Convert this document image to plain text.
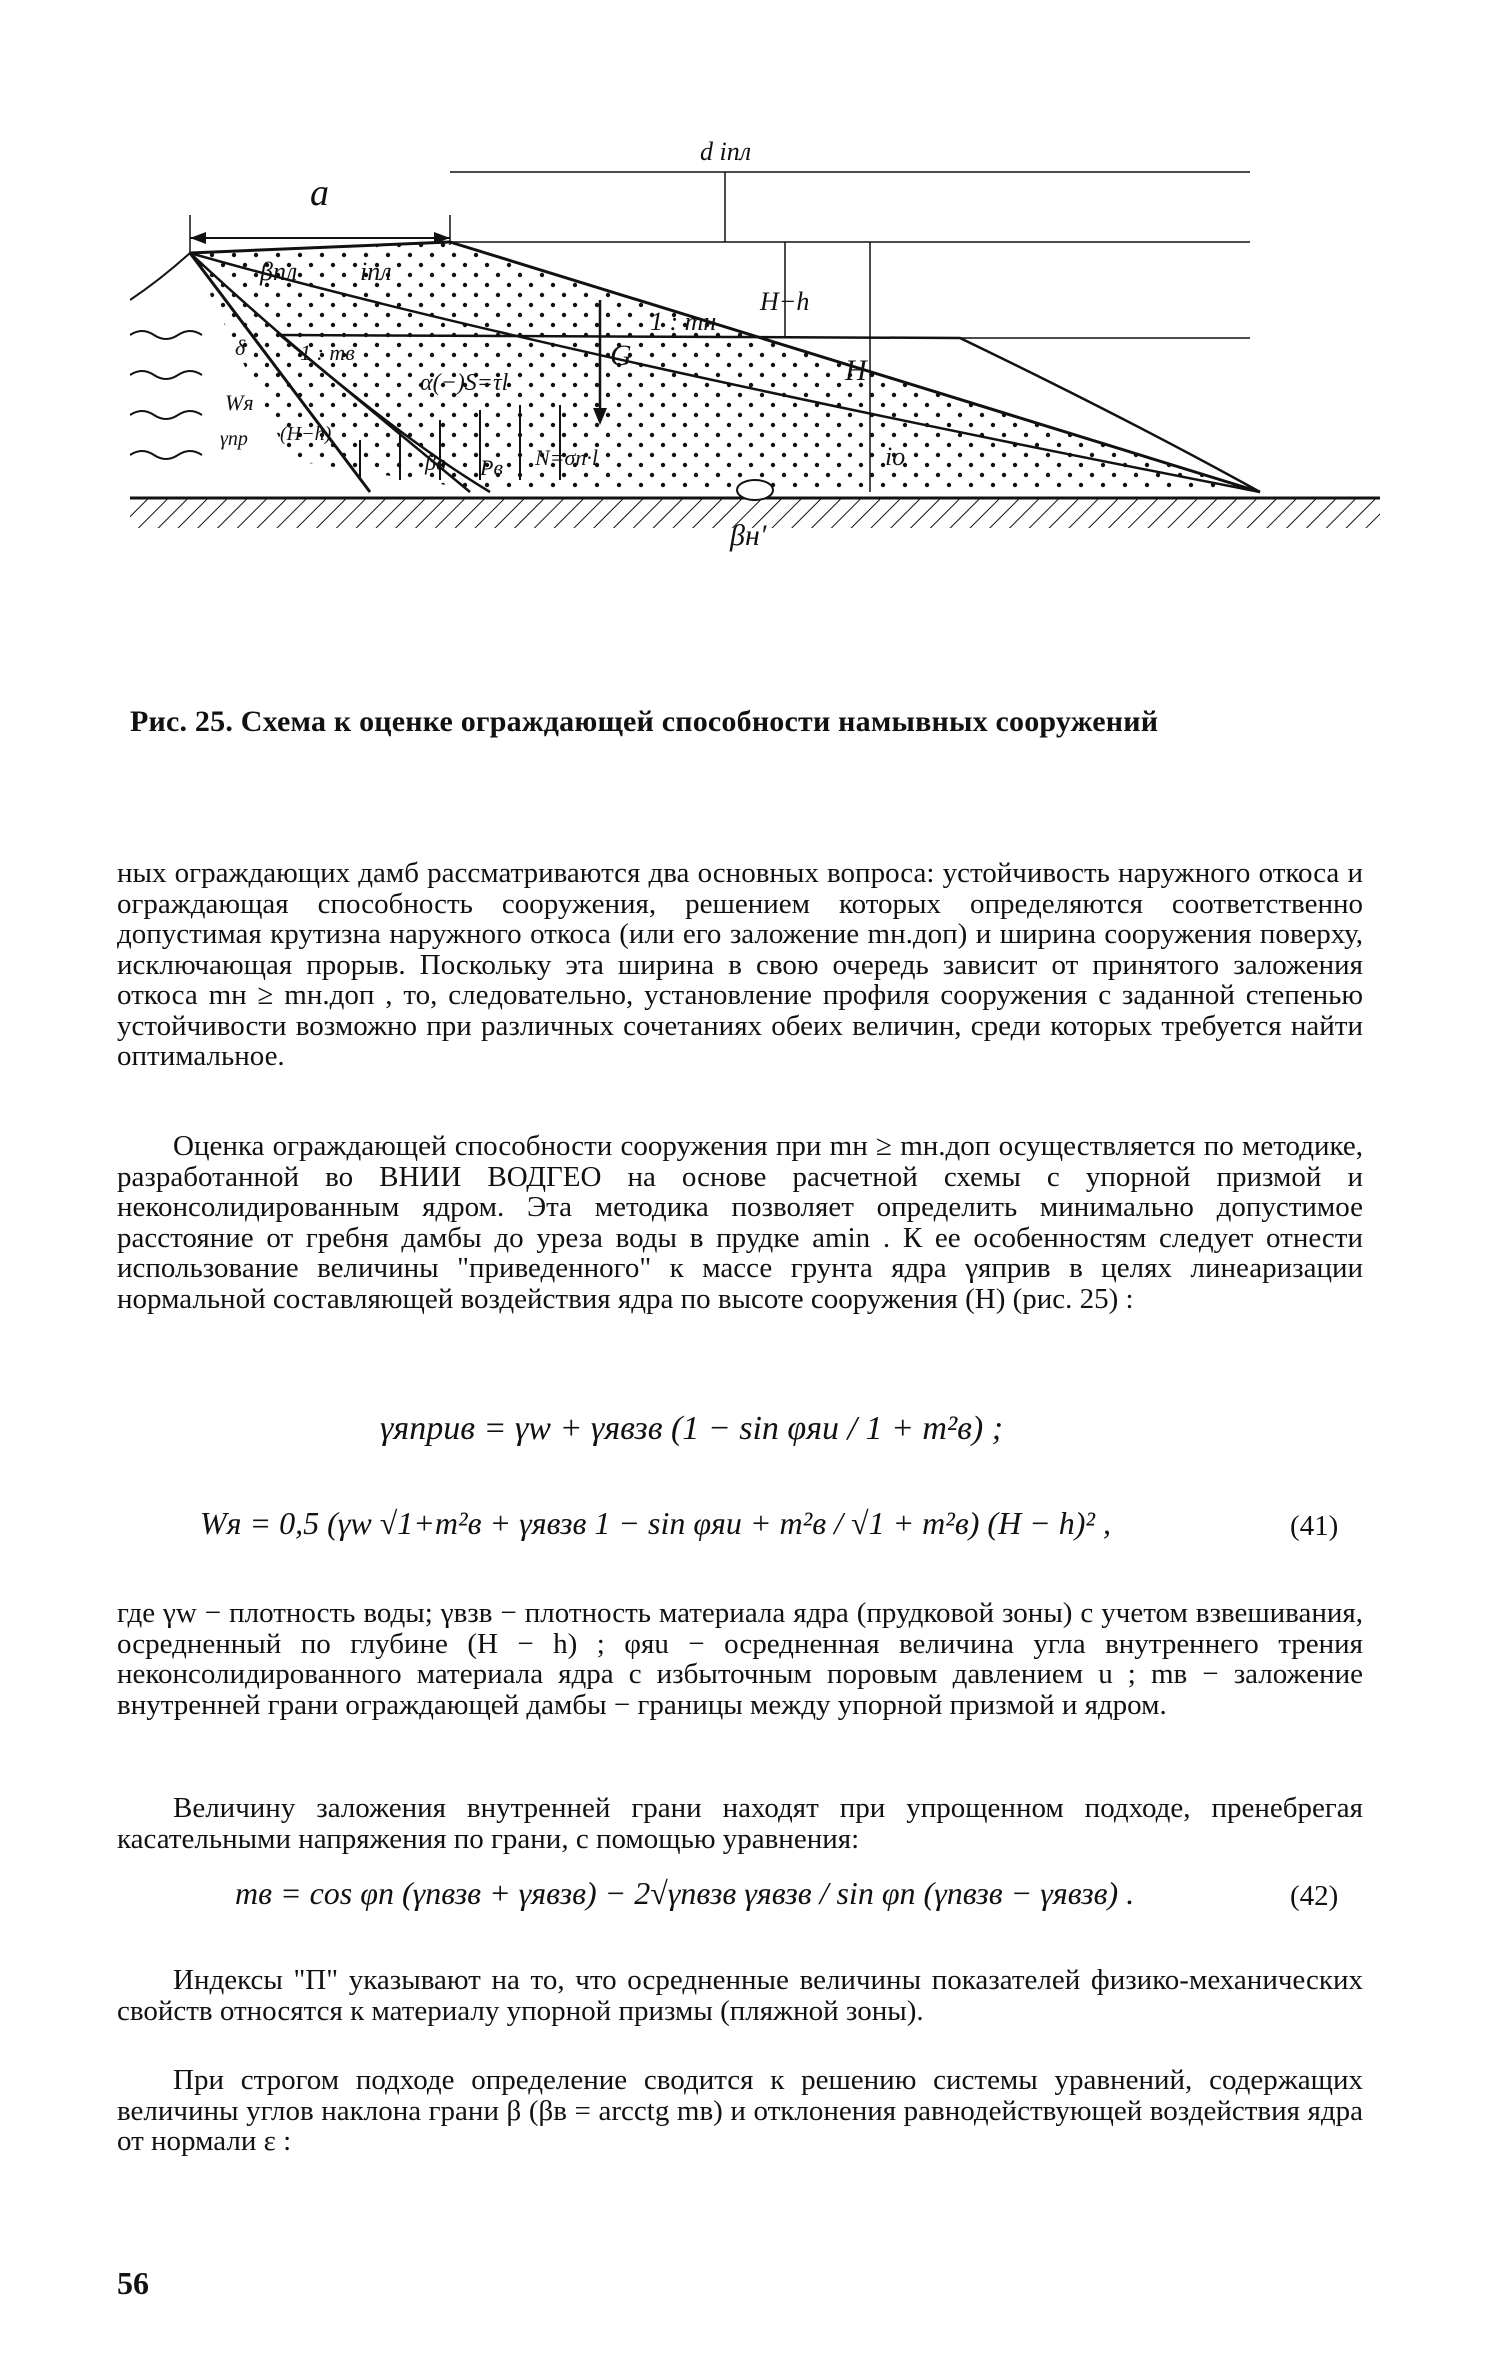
a
βпл iпл
d iпл
H−h
H
io
βн′
1 : mн
1 : mв	G
Wя
δ
γпр (H−h)
α(−)S=τl
βв Pв N=σn·l
Рис. 25. Схема к оценке ограждающей способности намывных сооружений
ных ограждающих дамб рассматриваются два основных вопроса: устойчивость наружного откоса и ограждающая способность сооружения, решением которых определяются соответственно допустимая крутизна наружного откоса (или его заложение mн.доп) и ширина сооружения поверху, исключающая прорыв. Поскольку эта ширина в свою очередь зависит от принятого заложения откоса mн ≥ mн.доп , то, следовательно, установление профиля сооружения с заданной степенью устойчивости возможно при различных сочетаниях обеих величин, среди которых требуется найти оптимальное.
Оценка ограждающей способности сооружения при mн ≥ mн.доп осуществляется по методике, разработанной во ВНИИ ВОДГЕО на основе расчетной схемы с упорной призмой и неконсолидированным ядром. Эта методика позволяет определить минимально допустимое расстояние от гребня дамбы до уреза воды в прудке amin . К ее особенностям следует отнести использование величины "приведенного" к массе грунта ядра γяприв в целях линеаризации нормальной составляющей воздействия ядра по высоте сооружения (H) (рис. 25) :
γяприв = γw + γявзв (1 − sin φяu / 1 + m²в) ;
Wя = 0,5 (γw √1+m²в + γявзв 1 − sin φяu + m²в / √1 + m²в) (H − h)² ,	(41)
где γw − плотность воды; γвзв − плотность материала ядра (прудковой зоны) с учетом взвешивания, осредненный по глубине (H − h) ; φяu − осредненная величина угла внутреннего трения неконсолидированного материала ядра с избыточным поровым давлением u ; mв − заложение внутренней грани ограждающей дамбы − границы между упорной призмой и ядром.
Величину заложения внутренней грани находят при упрощенном подходе, пренебрегая касательными напряжения по грани, с помощью уравнения:
mв = cos φп (γпвзв + γявзв) − 2√γпвзв γявзв / sin φп (γпвзв − γявзв) .	(42)
Индексы "П" указывают на то, что осредненные величины показателей физико-механических свойств относятся к материалу упорной призмы (пляжной зоны).
При строгом подходе определение сводится к решению системы уравнений, содержащих величины углов наклона грани β (βв = arcctg mв) и отклонения равнодействующей воздействия ядра от нормали ε :
56
